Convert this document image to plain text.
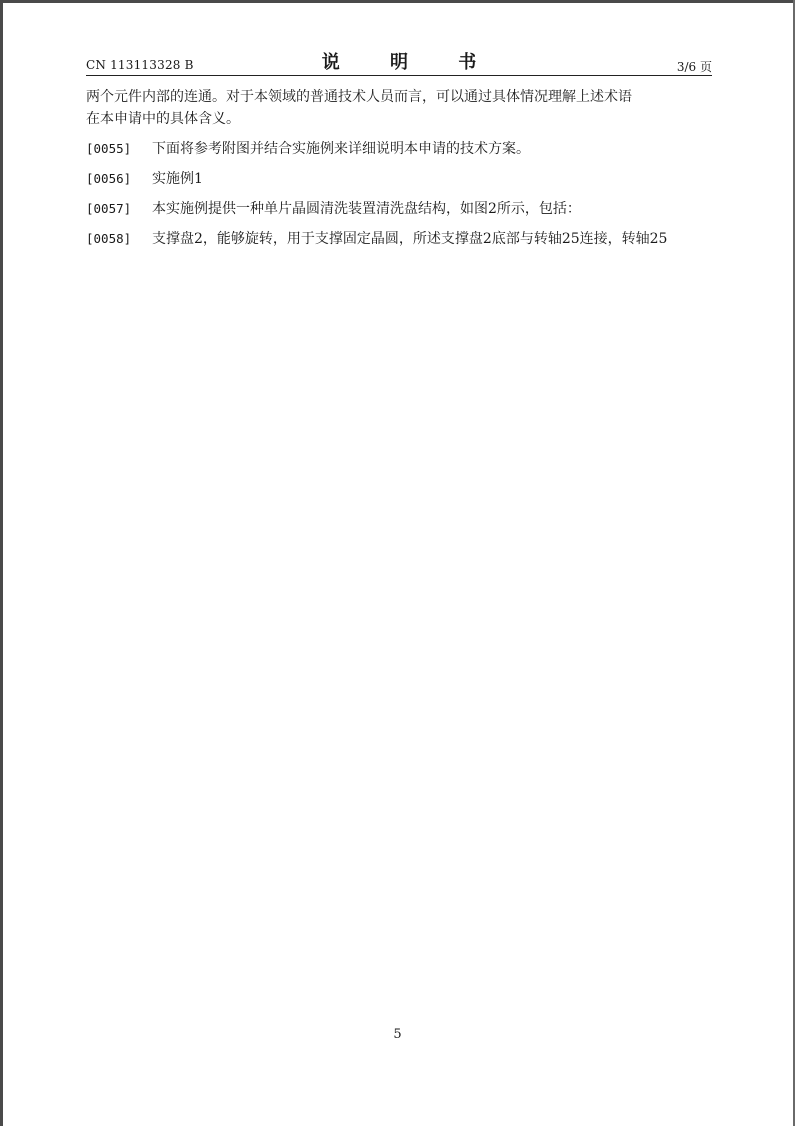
CN 113113328 B	说 明 书	3/6 页

两个元件内部的连通。对于本领域的普通技术人员而言，可以通过具体情况理解上述术语

在本申请中的具体含义。

[0055]	下面将参考附图并结合实施例来详细说明本申请的技术方案。
[0056]	实施例1
[0057]	本实施例提供一种单片晶圆清洗装置清洗盘结构，如图2所示，包括：
[0058]	支撑盘2，能够旋转，用于支撑固定晶圆，所述支撑盘2底部与转轴25连接，转轴25
5
